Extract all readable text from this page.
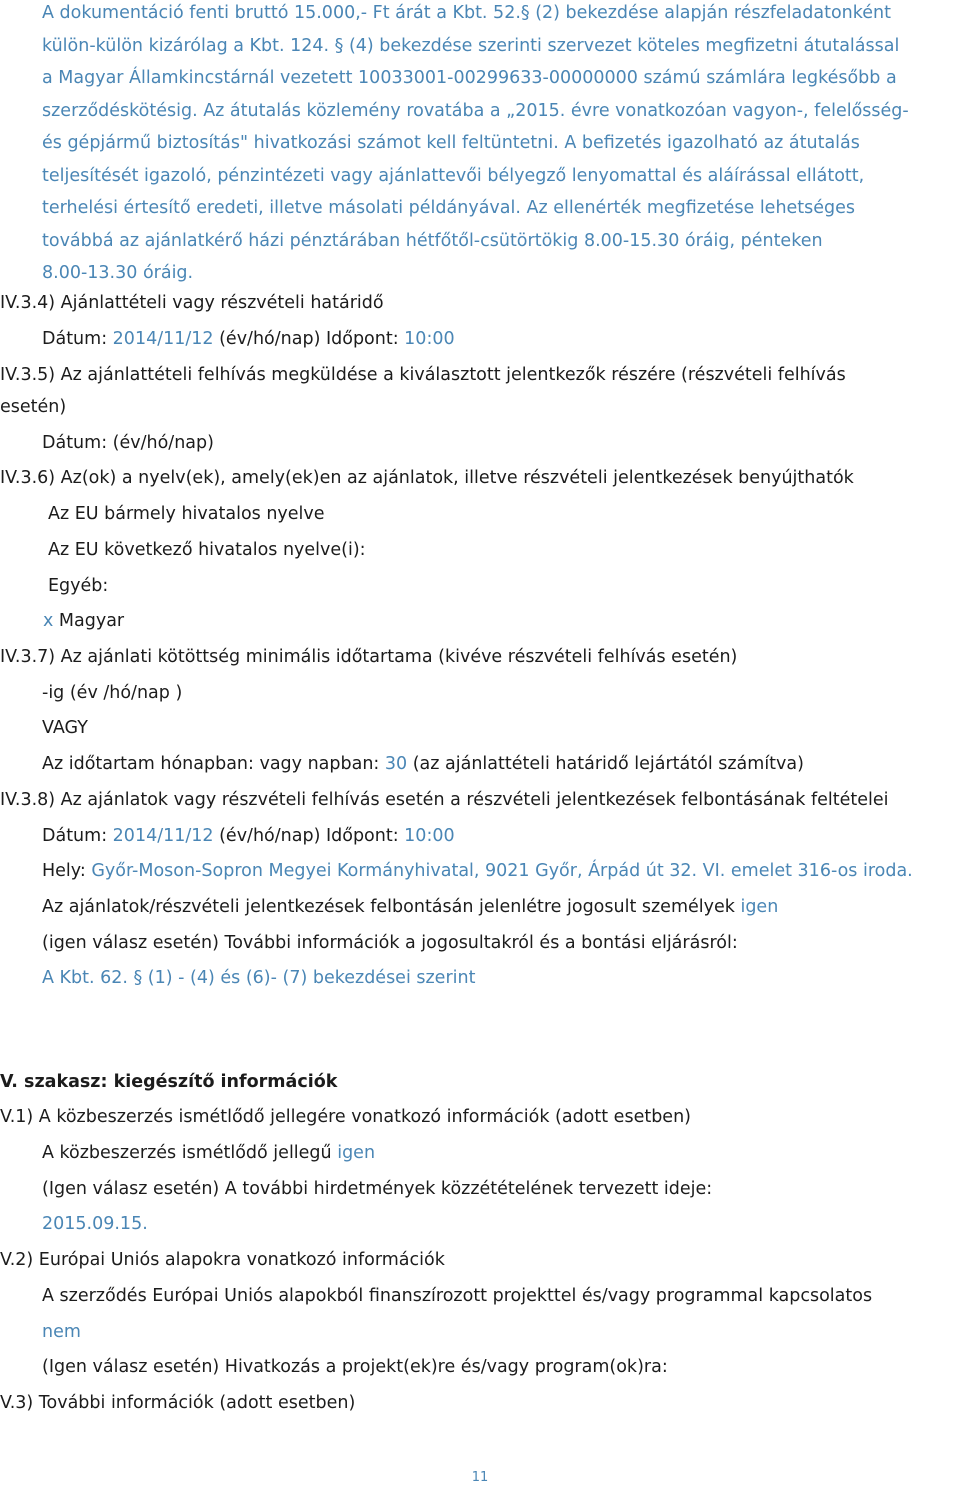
A dokumentáció fenti bruttó 15.000,- Ft árát a Kbt. 52.§ (2) bekezdése alapján részfeladatonként
külön-külön kizárólag a Kbt. 124. § (4) bekezdése szerinti szervezet köteles megfizetni átutalással
a Magyar Államkincstárnál vezetett 10033001-00299633-00000000 számú számlára legkésőbb a
szerződéskötésig. Az átutalás közlemény rovatába a „2015. évre vonatkozóan vagyon-, felelősség-
és gépjármű biztosítás" hivatkozási számot kell feltüntetni. A befizetés igazolható az átutalás
teljesítését igazoló, pénzintézeti vagy ajánlattevői bélyegző lenyomattal és aláírással ellátott,
terhelési értesítő eredeti, illetve másolati példányával. Az ellenérték megfizetése lehetséges
továbbá az ajánlatkérő házi pénztárában hétfőtől-csütörtökig 8.00-15.30 óráig, pénteken
8.00-13.30 óráig.
IV.3.4) Ajánlattételi vagy részvételi határidő
Dátum: 2014/11/12 (év/hó/nap) Időpont: 10:00
IV.3.5) Az ajánlattételi felhívás megküldése a kiválasztott jelentkezők részére (részvételi felhívás
esetén)
Dátum: (év/hó/nap)
IV.3.6) Az(ok) a nyelv(ek), amely(ek)en az ajánlatok, illetve részvételi jelentkezések benyújthatók
Az EU bármely hivatalos nyelve
Az EU következő hivatalos nyelve(i):
Egyéb:
x Magyar
IV.3.7) Az ajánlati kötöttség minimális időtartama (kivéve részvételi felhívás esetén)
-ig (év /hó/nap )
VAGY
Az időtartam hónapban: vagy napban: 30 (az ajánlattételi határidő lejártától számítva)
IV.3.8) Az ajánlatok vagy részvételi felhívás esetén a részvételi jelentkezések felbontásának feltételei
Dátum: 2014/11/12 (év/hó/nap) Időpont: 10:00
Hely: Győr-Moson-Sopron Megyei Kormányhivatal, 9021 Győr, Árpád út 32. VI. emelet 316-os iroda.
Az ajánlatok/részvételi jelentkezések felbontásán jelenlétre jogosult személyek igen
(igen válasz esetén) További információk a jogosultakról és a bontási eljárásról:
A Kbt. 62. § (1) - (4) és (6)- (7) bekezdései szerint
V. szakasz: kiegészítő információk
V.1) A közbeszerzés ismétlődő jellegére vonatkozó információk (adott esetben)
A közbeszerzés ismétlődő jellegű igen
(Igen válasz esetén) A további hirdetmények közzétételének tervezett ideje:
2015.09.15.
V.2) Európai Uniós alapokra vonatkozó információk
A szerződés Európai Uniós alapokból finanszírozott projekttel és/vagy programmal kapcsolatos
nem
(Igen válasz esetén) Hivatkozás a projekt(ek)re és/vagy program(ok)ra:
V.3) További információk (adott esetben)
11
